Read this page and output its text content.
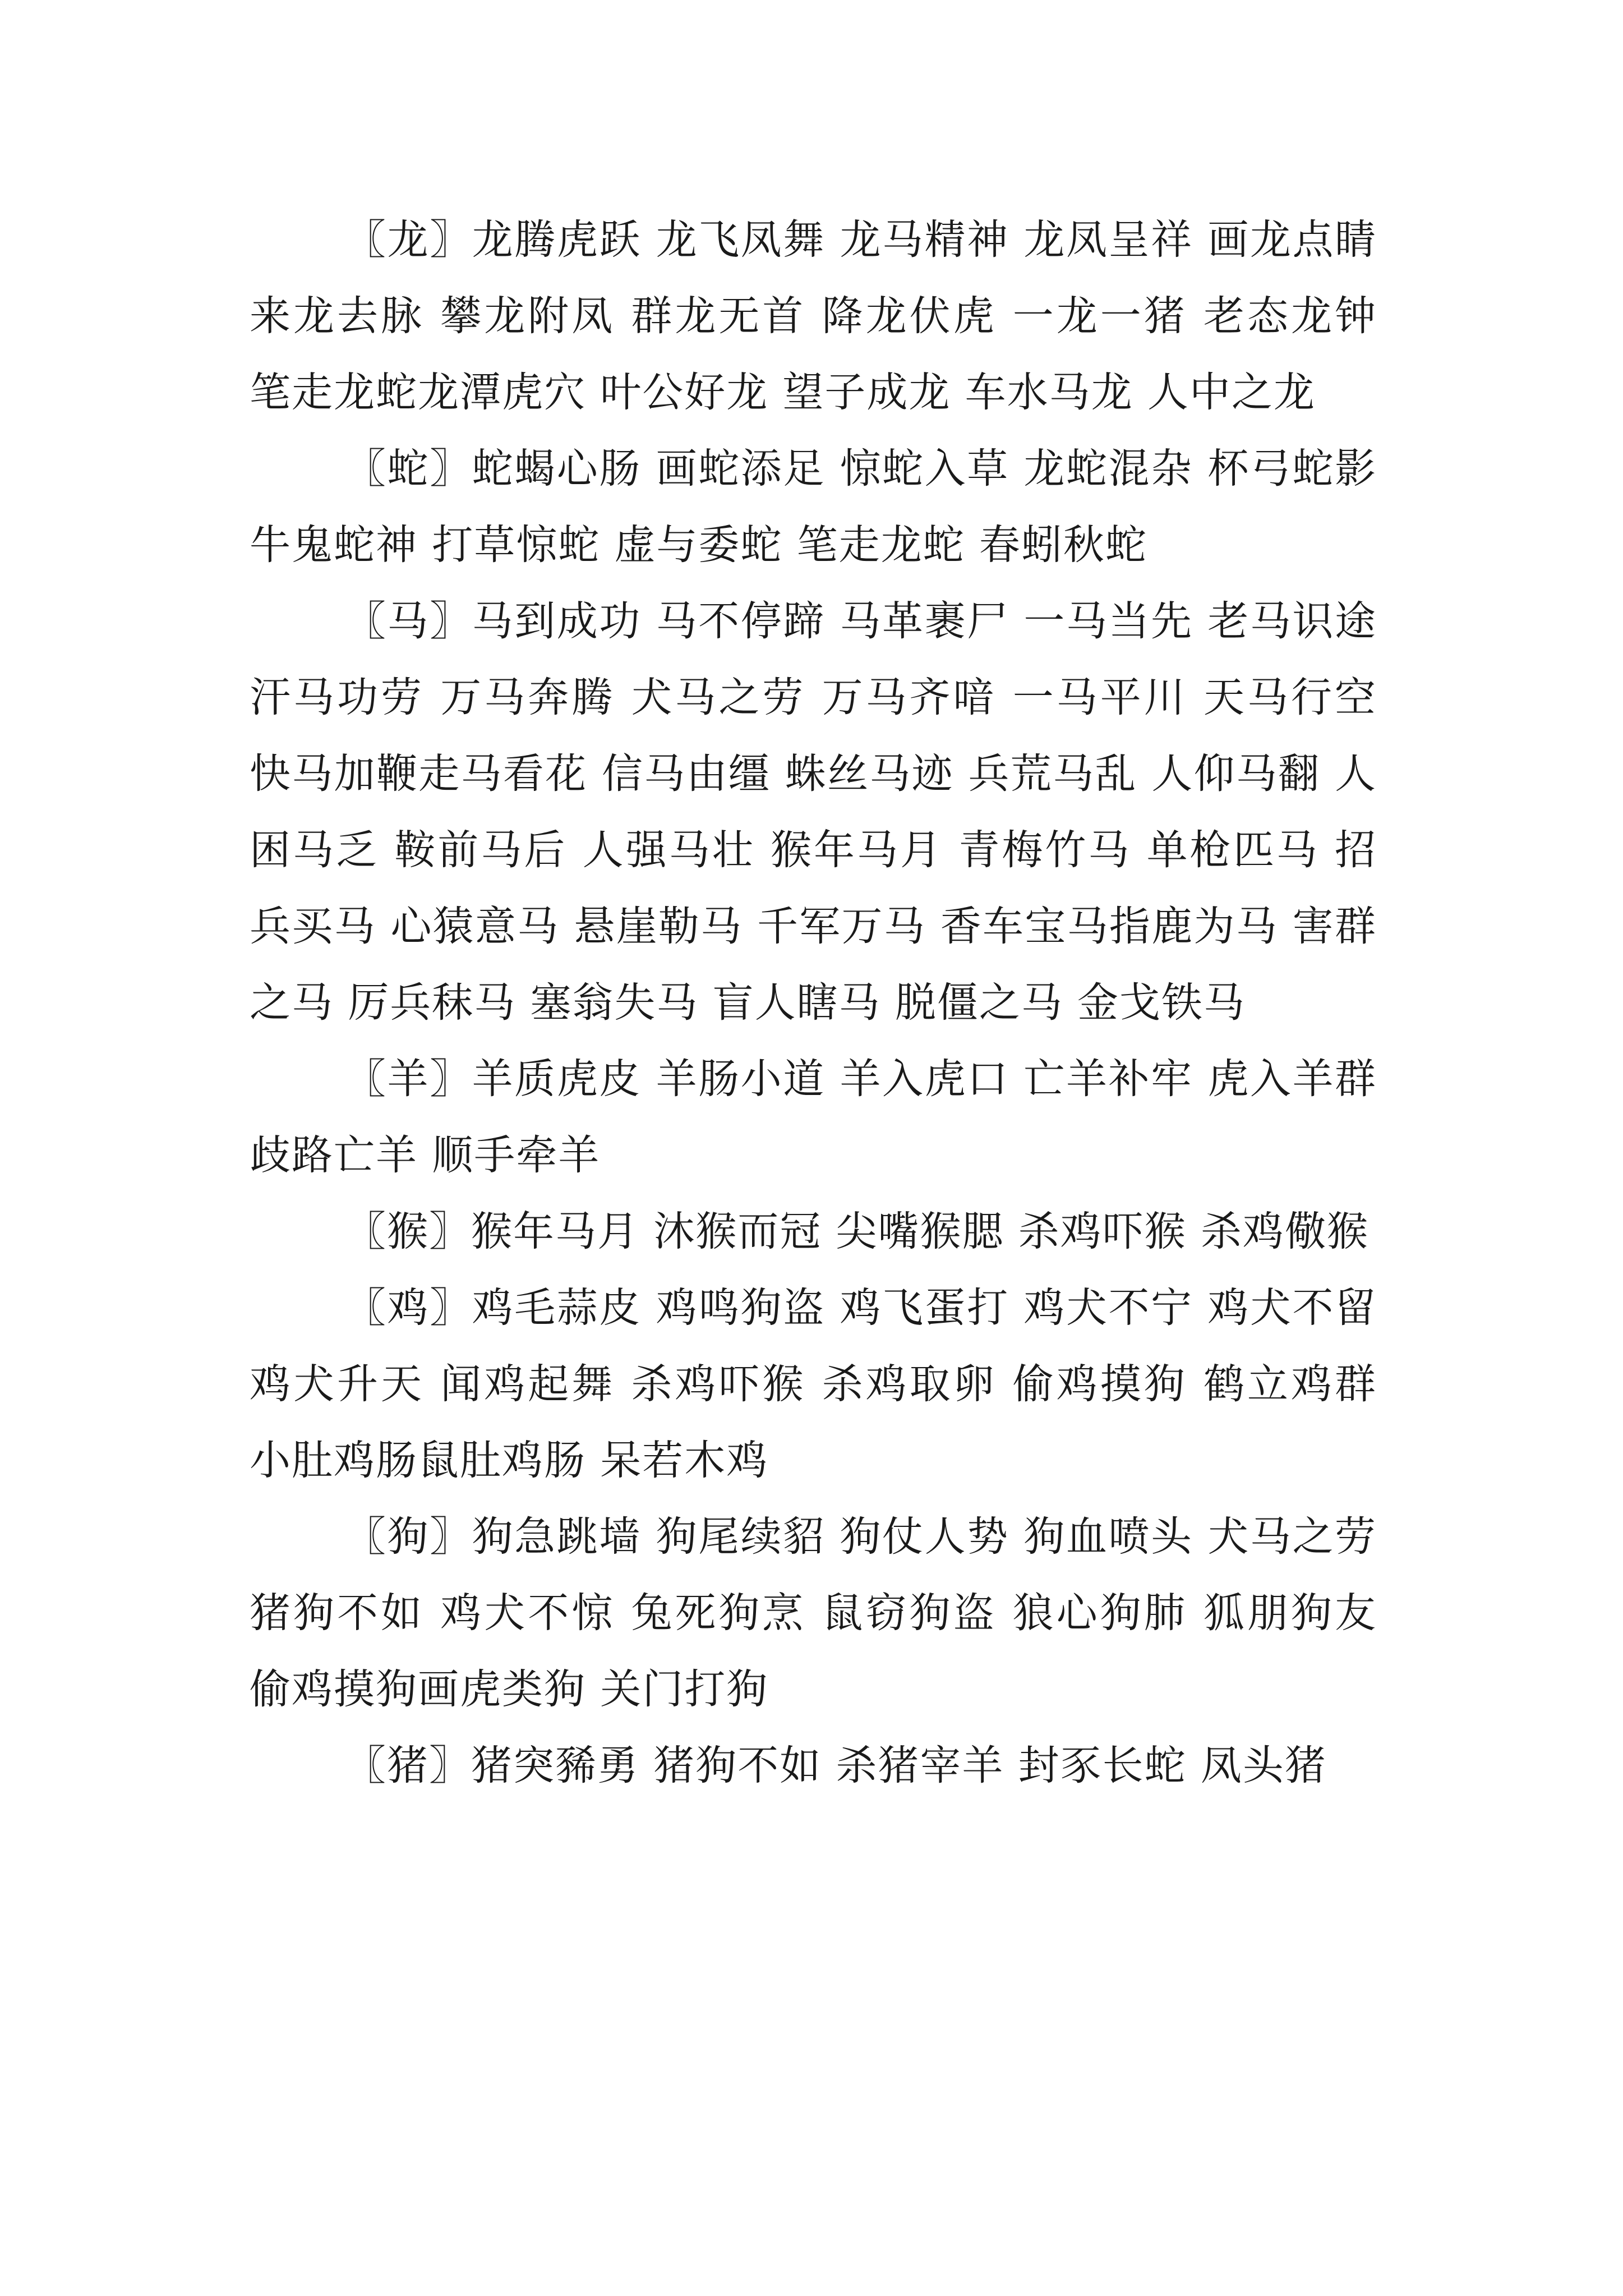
〖龙〗龙腾虎跃 龙飞凤舞 龙马精神 龙凤呈祥 画龙点睛 来龙去脉 攀龙附凤 群龙无首 降龙伏虎 一龙一猪 老态龙钟 笔走龙蛇龙潭虎穴 叶公好龙 望子成龙 车水马龙 人中之龙

〖蛇〗蛇蝎心肠 画蛇添足 惊蛇入草 龙蛇混杂 杯弓蛇影 牛鬼蛇神 打草惊蛇 虚与委蛇 笔走龙蛇 春蚓秋蛇

〖马〗马到成功 马不停蹄 马革裹尸 一马当先 老马识途 汗马功劳 万马奔腾 犬马之劳 万马齐喑 一马平川 天马行空 快马加鞭走马看花 信马由缰 蛛丝马迹 兵荒马乱 人仰马翻 人困马乏 鞍前马后 人强马壮 猴年马月 青梅竹马 单枪匹马 招兵买马 心猿意马 悬崖勒马 千军万马 香车宝马指鹿为马 害群之马 厉兵秣马 塞翁失马 盲人瞎马 脱僵之马 金戈铁马

〖羊〗羊质虎皮 羊肠小道 羊入虎口 亡羊补牢 虎入羊群 歧路亡羊 顺手牵羊

〖猴〗猴年马月 沐猴而冠 尖嘴猴腮 杀鸡吓猴 杀鸡儆猴

〖鸡〗鸡毛蒜皮 鸡鸣狗盗 鸡飞蛋打 鸡犬不宁 鸡犬不留 鸡犬升天 闻鸡起舞 杀鸡吓猴 杀鸡取卵 偷鸡摸狗 鹤立鸡群 小肚鸡肠鼠肚鸡肠 呆若木鸡

〖狗〗狗急跳墙 狗尾续貂 狗仗人势 狗血喷头 犬马之劳 猪狗不如 鸡犬不惊 兔死狗烹 鼠窃狗盗 狼心狗肺 狐朋狗友 偷鸡摸狗画虎类狗 关门打狗

〖猪〗猪突豨勇 猪狗不如 杀猪宰羊 封豕长蛇 凤头猪
